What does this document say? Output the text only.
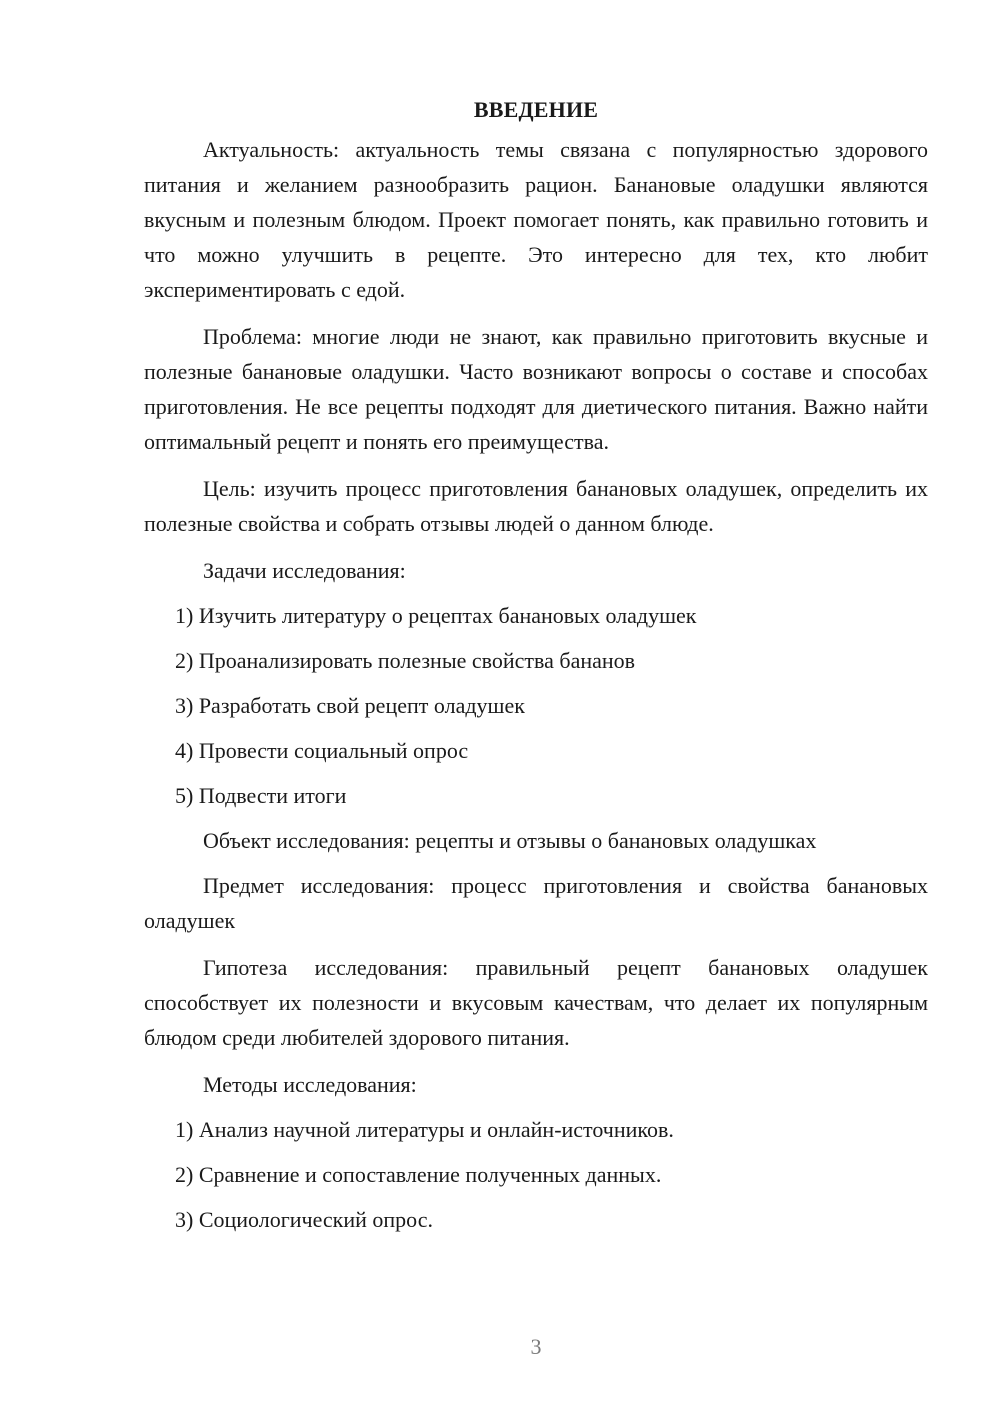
ВВЕДЕНИЕ

Актуальность: актуальность темы связана с популярностью здорового питания и желанием разнообразить рацион. Банановые оладушки являются вкусным и полезным блюдом. Проект помогает понять, как правильно готовить и что можно улучшить в рецепте. Это интересно для тех, кто любит экспериментировать с едой.

Проблема: многие люди не знают, как правильно приготовить вкусные и полезные банановые оладушки. Часто возникают вопросы о составе и способах приготовления. Не все рецепты подходят для диетического питания. Важно найти оптимальный рецепт и понять его преимущества.

Цель: изучить процесс приготовления банановых оладушек, определить их полезные свойства и собрать отзывы людей о данном блюде.

Задачи исследования:

1) Изучить литературу о рецептах банановых оладушек
2) Проанализировать полезные свойства бананов
3) Разработать свой рецепт оладушек
4) Провести социальный опрос
5) Подвести итоги

Объект исследования: рецепты и отзывы о банановых оладушках

Предмет исследования: процесс приготовления и свойства банановых оладушек

Гипотеза исследования: правильный рецепт банановых оладушек способствует их полезности и вкусовым качествам, что делает их популярным блюдом среди любителей здорового питания.

Методы исследования:

1) Анализ научной литературы и онлайн-источников.
2) Сравнение и сопоставление полученных данных.
3) Социологический опрос.
3
